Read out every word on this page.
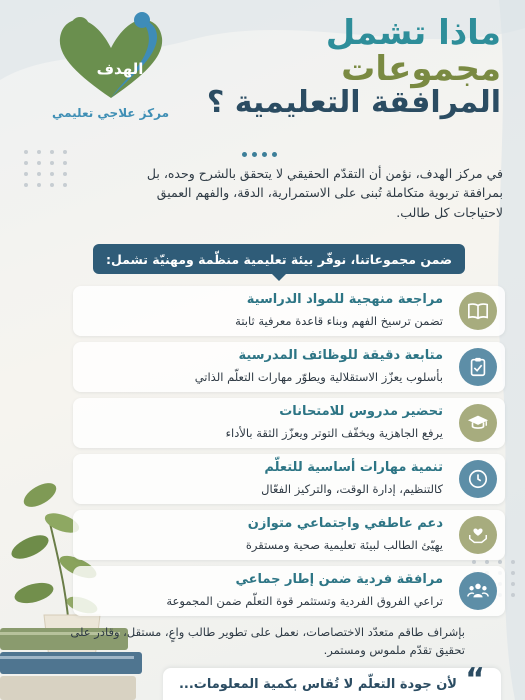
الهدف
مركز علاجي تعليمي
ماذا تشمل
مجموعات
المرافقة التعليمية ؟

في مركز الهدف، نؤمن أن التقدّم الحقيقي لا يتحقق بالشرح وحده، بل بمرافقة تربوية متكاملة تُبنى على الاستمرارية، الدقة، والفهم العميق لاحتياجات كل طالب.

ضمن مجموعاتنا، نوفّر بيئة تعليمية منظّمة ومهنيّة تشمل:
مراجعة منهجية للمواد الدراسية
تضمن ترسيخ الفهم وبناء قاعدة معرفية ثابتة
متابعة دقيقة للوظائف المدرسية
بأسلوب يعزّز الاستقلالية ويطوّر مهارات التعلّم الذاتي
تحضير مدروس للامتحانات
يرفع الجاهزية ويخفّف التوتر ويعزّز الثقة بالأداء
تنمية مهارات أساسية للتعلّم
كالتنظيم، إدارة الوقت، والتركيز الفعّال
دعم عاطفي واجتماعي متوازن
يهيّئ الطالب لبيئة تعليمية صحية ومستقرة
مرافقة فردية ضمن إطار جماعي
تراعي الفروق الفردية وتستثمر قوة التعلّم ضمن المجموعة

بإشراف طاقم متعدّد الاختصاصات، نعمل على تطوير طالب واعٍ، مستقل، وقادر على تحقيق تقدّم ملموس ومستمر.

“
لأن جودة التعلّم لا تُقاس بكمية المعلومات...
